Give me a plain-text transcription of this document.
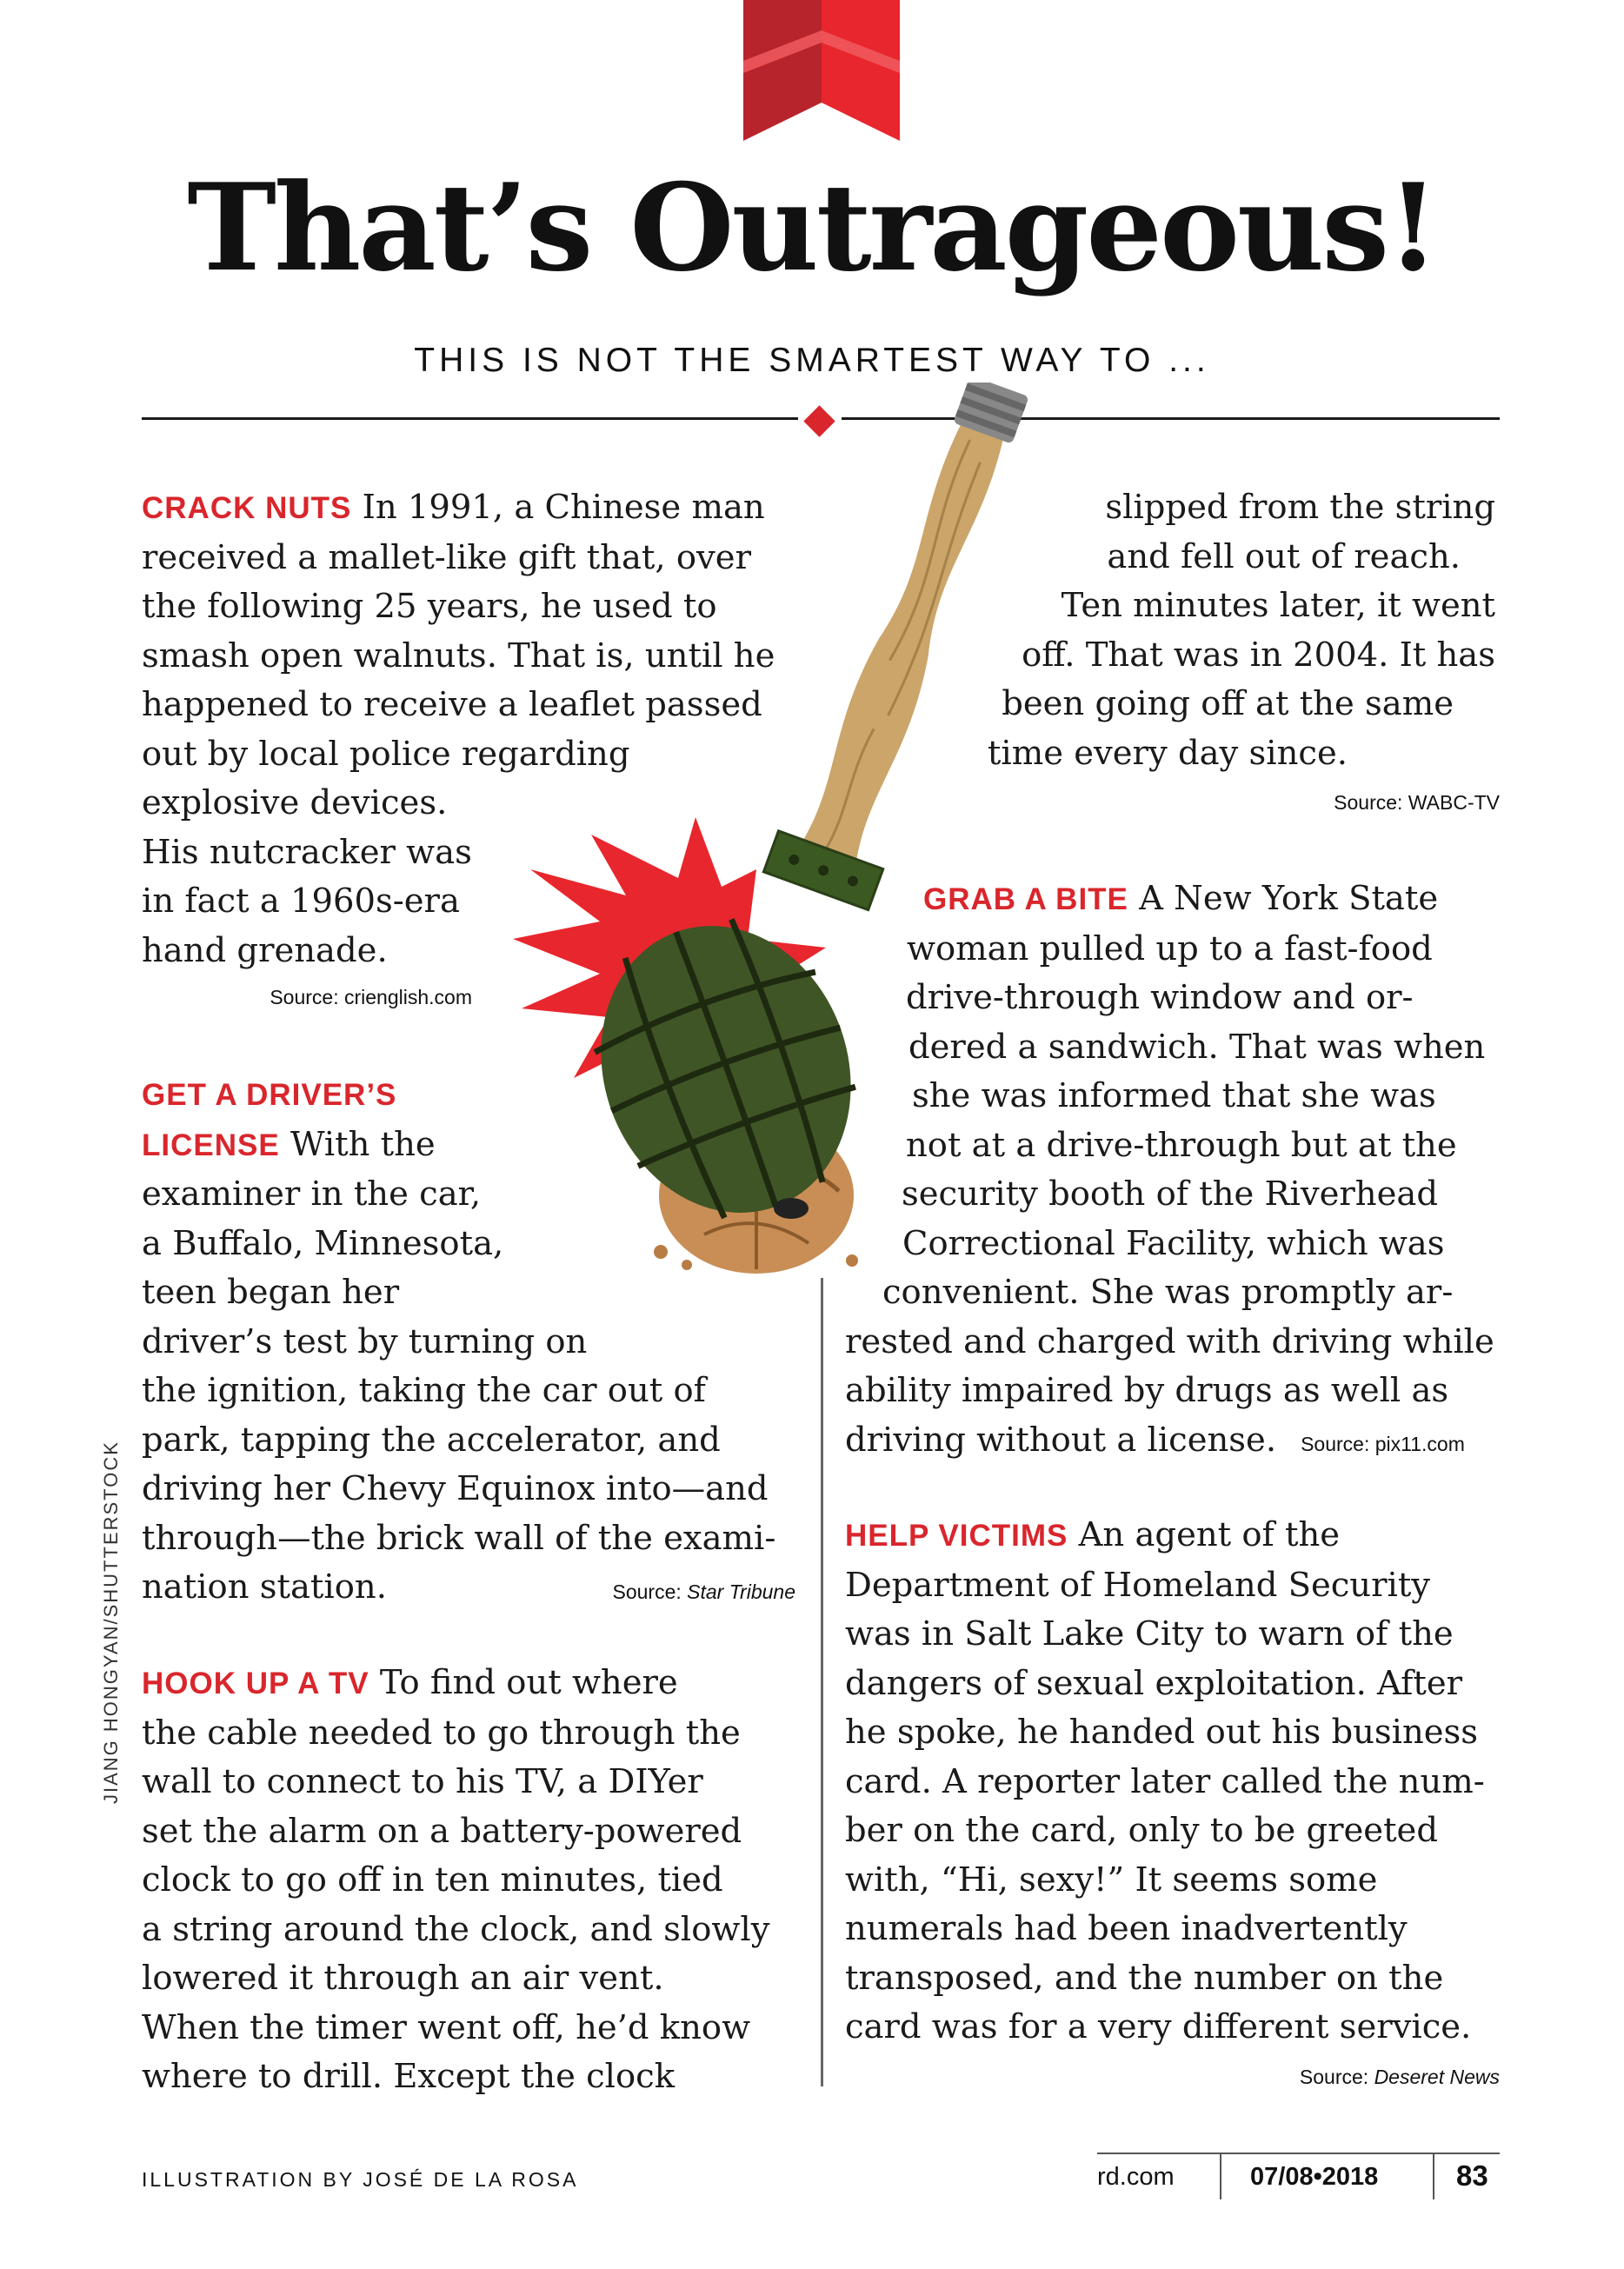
That’s Outrageous!
THIS IS NOT THE SMARTEST WAY TO ...

CRACK NUTS In 1991, a Chinese man
received a mallet-like gift that, over
the following 25 years, he used to
smash open walnuts. That is, until he
happened to receive a leaflet passed
out by local police regarding
explosive devices.
His nutcracker was
in fact a 1960s-era
hand grenade.

Source: crienglish.com

GET A DRIVER’S
LICENSE With the
examiner in the car,
a Buffalo, Minnesota,
teen began her
driver’s test by turning on
the ignition, taking the car out of
park, tapping the accelerator, and
driving her Chevy Equinox into—and
through—the brick wall of the exami-
nation station.	Source: Star Tribune

HOOK UP A TV To find out where
the cable needed to go through the
wall to connect to his TV, a DIYer
set the alarm on a battery-powered
clock to go off in ten minutes, tied
a string around the clock, and slowly
lowered it through an air vent.
When the timer went off, he’d know
where to drill. Except the clock

slipped from the string
and fell out of reach.
Ten minutes later, it went
off. That was in 2004. It has
been going off at the same
time every day since.

Source: WABC-TV

GRAB A BITE A New York State
woman pulled up to a fast-food
drive-through window and or-
dered a sandwich. That was when
she was informed that she was
not at a drive-through but at the
security booth of the Riverhead
Correctional Facility, which was
convenient. She was promptly ar-
rested and charged with driving while
ability impaired by drugs as well as
driving without a license. Source: pix11.com

HELP VICTIMS An agent of the
Department of Homeland Security
was in Salt Lake City to warn of the
dangers of sexual exploitation. After
he spoke, he handed out his business
card. A reporter later called the num-
ber on the card, only to be greeted
with, “Hi, sexy!” It seems some
numerals had been inadvertently
transposed, and the number on the
card was for a very different service.

Source: Deseret News

JIANG HONGYAN/SHUTTERSTOCK
ILLUSTRATION BY JOSÉ DE LA ROSA	rd.com	07/08•2018	83
